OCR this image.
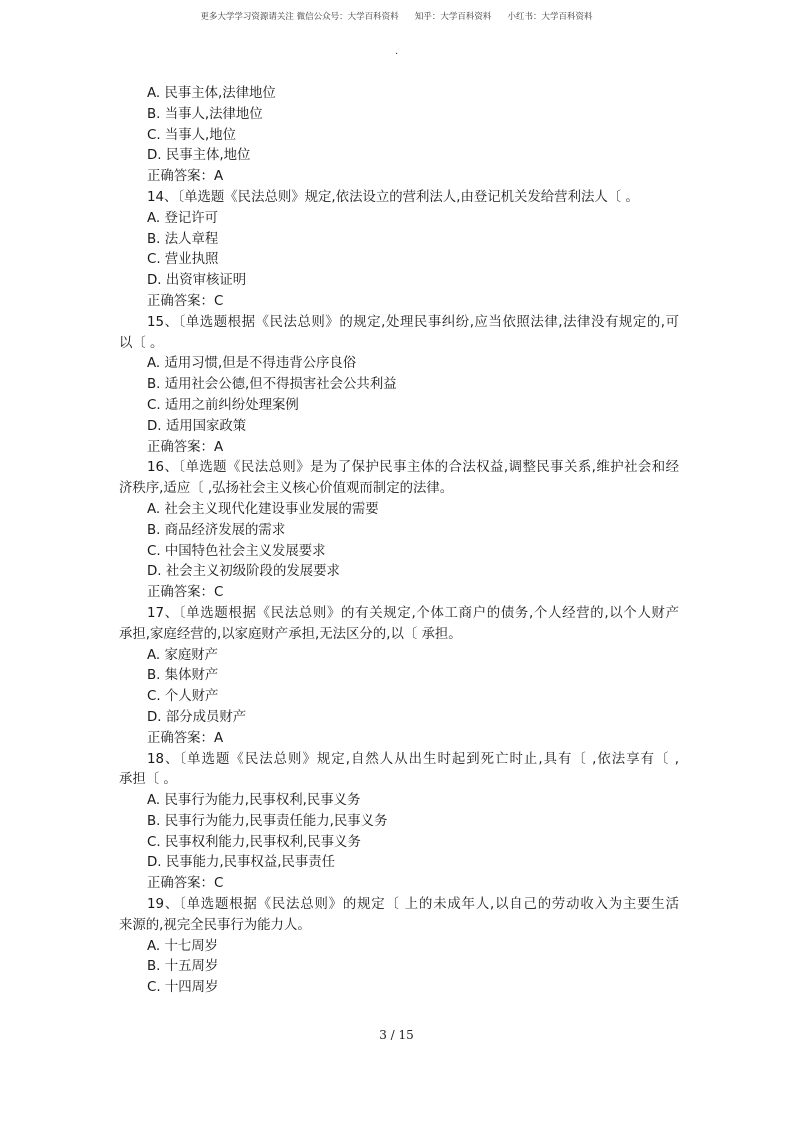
更多大学学习资源请关注 微信公众号：大学百科资料      知乎：大学百科资料      小红书：大学百科资料
.

A. 民事主体,法律地位

B. 当事人,法律地位

C. 当事人,地位

D. 民事主体,地位

正确答案：A

14、〔单选题《民法总则》规定,依法设立的营利法人,由登记机关发给营利法人〔 。

A. 登记许可

B. 法人章程

C. 营业执照

D. 出资审核证明

正确答案：C

15、〔单选题根据《民法总则》的规定,处理民事纠纷,应当依照法律,法律没有规定的,可

以〔 。

A. 适用习惯,但是不得违背公序良俗

B. 适用社会公德,但不得损害社会公共利益

C. 适用之前纠纷处理案例

D. 适用国家政策

正确答案：A

16、〔单选题《民法总则》是为了保护民事主体的合法权益,调整民事关系,维护社会和经

济秩序,适应〔 ,弘扬社会主义核心价值观而制定的法律。

A. 社会主义现代化建设事业发展的需要

B. 商品经济发展的需求

C. 中国特色社会主义发展要求

D. 社会主义初级阶段的发展要求

正确答案：C

17、〔单选题根据《民法总则》的有关规定,个体工商户的债务,个人经营的,以个人财产

承担,家庭经营的,以家庭财产承担,无法区分的,以〔 承担。

A. 家庭财产

B. 集体财产

C. 个人财产

D. 部分成员财产

正确答案：A

18、〔单选题《民法总则》规定,自然人从出生时起到死亡时止,具有〔 ,依法享有〔 ,

承担〔 。

A. 民事行为能力,民事权利,民事义务

B. 民事行为能力,民事责任能力,民事义务

C. 民事权利能力,民事权利,民事义务

D. 民事能力,民事权益,民事责任

正确答案：C

19、〔单选题根据《民法总则》的规定〔 上的未成年人,以自己的劳动收入为主要生活

来源的,视完全民事行为能力人。

A. 十七周岁

B. 十五周岁

C. 十四周岁

3 / 15
